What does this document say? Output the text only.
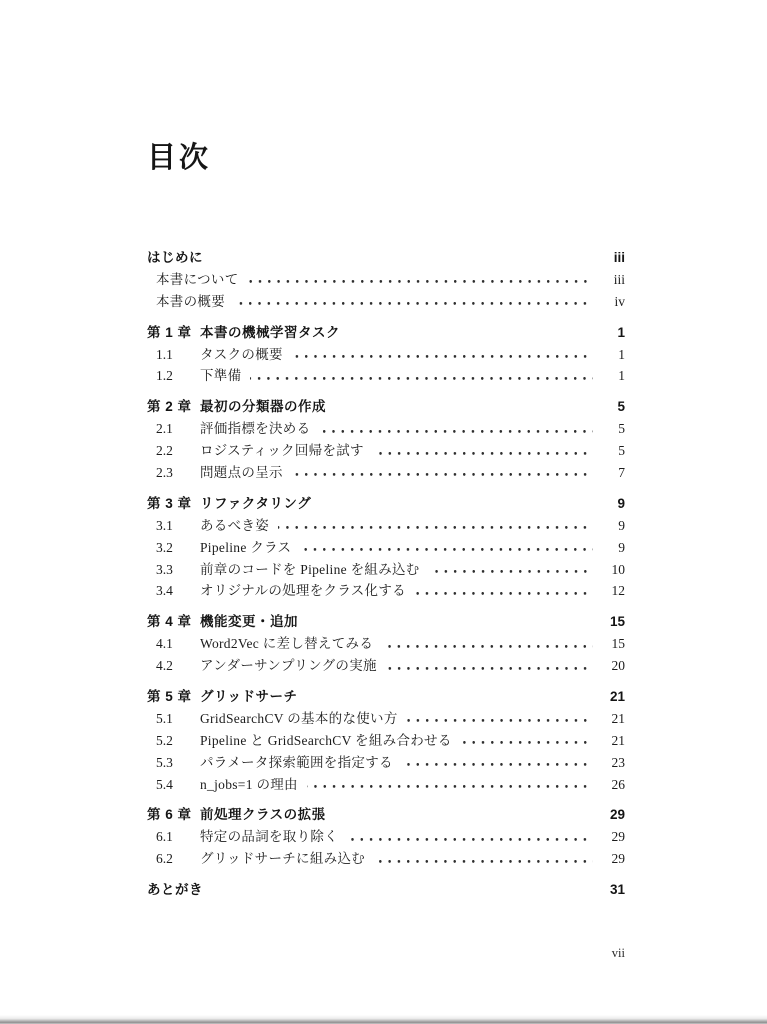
目次
はじめに	iii
本書について	iii
本書の概要	iv
第 1 章 本書の機械学習タスク	1
1.1	タスクの概要	1
1.2	下準備	1
第 2 章 最初の分類器の作成	5
2.1	評価指標を決める	5
2.2	ロジスティック回帰を試す	5
2.3	問題点の呈示	7
第 3 章 リファクタリング	9
3.1	あるべき姿	9
3.2	Pipeline クラス	9
3.3	前章のコードを Pipeline を組み込む	10
3.4	オリジナルの処理をクラス化する	12
第 4 章 機能変更・追加	15
4.1	Word2Vec に差し替えてみる	15
4.2	アンダーサンプリングの実施	20
第 5 章 グリッドサーチ	21
5.1	GridSearchCV の基本的な使い方	21
5.2	Pipeline と GridSearchCV を組み合わせる	21
5.3	パラメータ探索範囲を指定する	23
5.4	n_jobs=1 の理由	26
第 6 章 前処理クラスの拡張	29
6.1	特定の品詞を取り除く	29
6.2	グリッドサーチに組み込む	29
あとがき	31
vii
